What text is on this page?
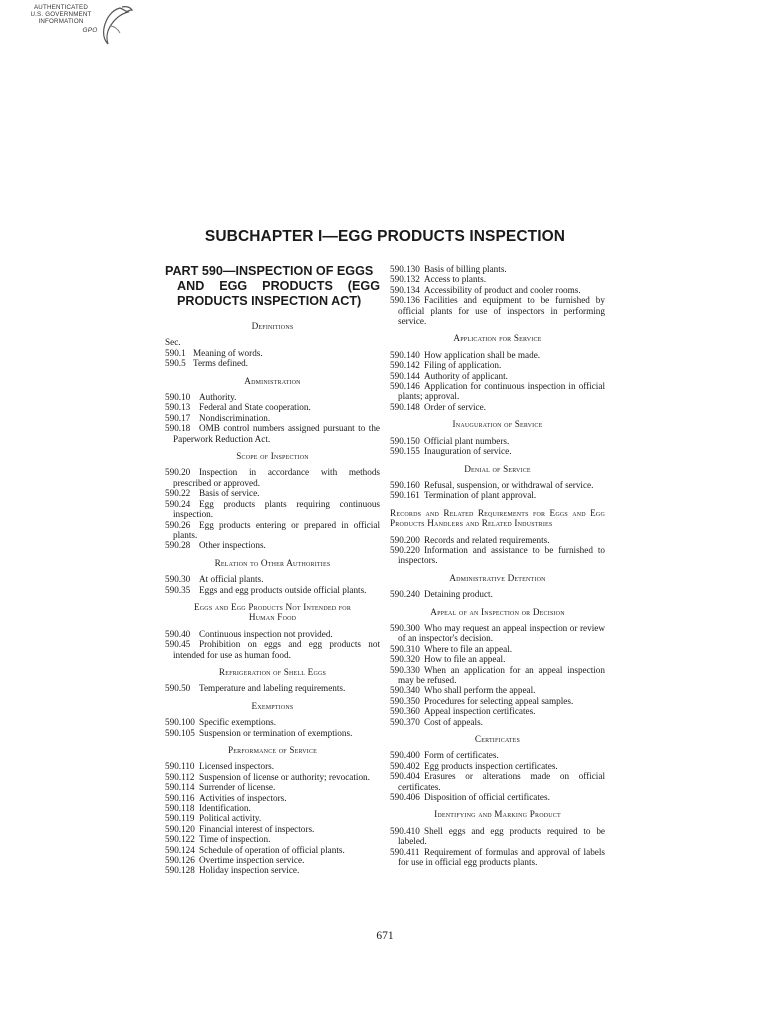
AUTHENTICATED
U.S. GOVERNMENT
INFORMATION
GPO
SUBCHAPTER I—EGG PRODUCTS INSPECTION
PART 590—INSPECTION OF EGGS
AND EGG PRODUCTS (EGG
PRODUCTS INSPECTION ACT)
Definitions

Sec.

590.1 Meaning of words.

590.5 Terms defined.

Administration

590.10 Authority.

590.13 Federal and State cooperation.

590.17 Nondiscrimination.

590.18 OMB control numbers assigned pursuant to the Paperwork Reduction Act.

Scope of Inspection

590.20 Inspection in accordance with methods prescribed or approved.

590.22 Basis of service.

590.24 Egg products plants requiring continuous inspection.

590.26 Egg products entering or prepared in official plants.

590.28 Other inspections.

Relation to Other Authorities

590.30 At official plants.

590.35 Eggs and egg products outside official plants.

Eggs and Egg Products Not Intended for
Human Food

590.40 Continuous inspection not provided.

590.45 Prohibition on eggs and egg products not intended for use as human food.

Refrigeration of Shell Eggs

590.50 Temperature and labeling requirements.

Exemptions

590.100 Specific exemptions.

590.105 Suspension or termination of exemptions.

Performance of Service

590.110 Licensed inspectors.

590.112 Suspension of license or authority; revocation.

590.114 Surrender of license.

590.116 Activities of inspectors.

590.118 Identification.

590.119 Political activity.

590.120 Financial interest of inspectors.

590.122 Time of inspection.

590.124 Schedule of operation of official plants.

590.126 Overtime inspection service.

590.128 Holiday inspection service.

590.130 Basis of billing plants.

590.132 Access to plants.

590.134 Accessibility of product and cooler rooms.

590.136 Facilities and equipment to be furnished by official plants for use of inspectors in performing service.

Application for Service

590.140 How application shall be made.

590.142 Filing of application.

590.144 Authority of applicant.

590.146 Application for continuous inspection in official plants; approval.

590.148 Order of service.

Inauguration of Service

590.150 Official plant numbers.

590.155 Inauguration of service.

Denial of Service

590.160 Refusal, suspension, or withdrawal of service.

590.161 Termination of plant approval.

Records and Related Requirements for Eggs and Egg Products Handlers and Related Industries

590.200 Records and related requirements.

590.220 Information and assistance to be furnished to inspectors.

Administrative Detention

590.240 Detaining product.

Appeal of an Inspection or Decision

590.300 Who may request an appeal inspection or review of an inspector's decision.

590.310 Where to file an appeal.

590.320 How to file an appeal.

590.330 When an application for an appeal inspection may be refused.

590.340 Who shall perform the appeal.

590.350 Procedures for selecting appeal samples.

590.360 Appeal inspection certificates.

590.370 Cost of appeals.

Certificates

590.400 Form of certificates.

590.402 Egg products inspection certificates.

590.404 Erasures or alterations made on official certificates.

590.406 Disposition of official certificates.

Identifying and Marking Product

590.410 Shell eggs and egg products required to be labeled.

590.411 Requirement of formulas and approval of labels for use in official egg products plants.

671
